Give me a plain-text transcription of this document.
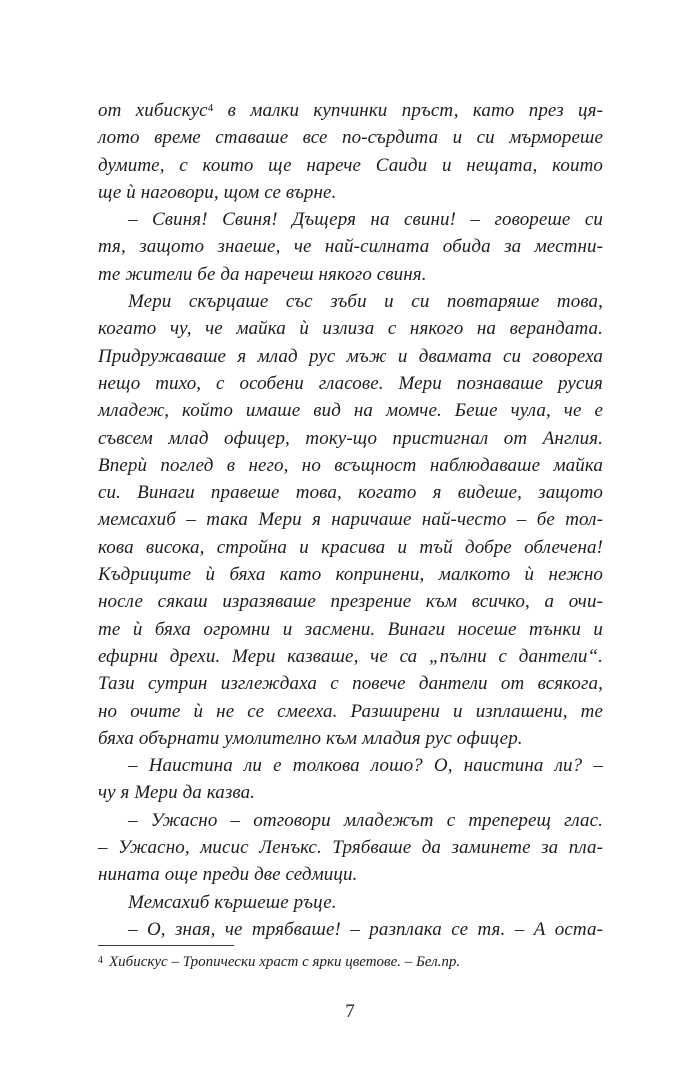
от хибискус$^4$ в малки купчинки пръст, като през ця-
лото време ставаше все по-сърдита и си мърмореше
думите, с които ще нарече Саиди и нещата, които
ще ѝ наговори, щом се върне.
– Свиня! Свиня! Дъщеря на свини! – говореше си
тя, защото знаеше, че най-силната обида за местни-
те жители бе да наречеш някого свиня.
Мери скърцаше със зъби и си повтаряше това,
когато чу, че майка ѝ излиза с някого на верандата.
Придружаваше я млад рус мъж и двамата си говореха
нещо тихо, с особени гласове. Мери познаваше русия
младеж, който имаше вид на момче. Беше чула, че е
съвсем млад офицер, току-що пристигнал от Англия.
Вперѝ поглед в него, но всъщност наблюдаваше майка
си. Винаги правеше това, когато я видеше, защото
мемсахиб – така Мери я наричаше най-често – бе тол-
кова висока, стройна и красива и тъй добре облечена!
Къдриците ѝ бяха като копринени, малкото ѝ нежно
носле сякаш изразяваше презрение към всичко, а очи-
те ѝ бяха огромни и засмени. Винаги носеше тънки и
ефирни дрехи. Мери казваше, че са „пълни с дантели“.
Тази сутрин изглеждаха с повече дантели от всякога,
но очите ѝ не се смееха. Разширени и изплашени, те
бяха обърнати умолително към младия рус офицер.
– Наистина ли е толкова лошо? О, наистина ли? –
чу я Мери да казва.
– Ужасно – отговори младежът с треперещ глас.
– Ужасно, мисис Ленъкс. Трябваше да заминете за пла-
нината още преди две седмици.
Мемсахиб кършеше ръце.
– О, зная, че трябваше! – разплака се тя. – А оста-
$^4$ Хибискус – Тропически храст с ярки цветове. – Бел.пр.
7
